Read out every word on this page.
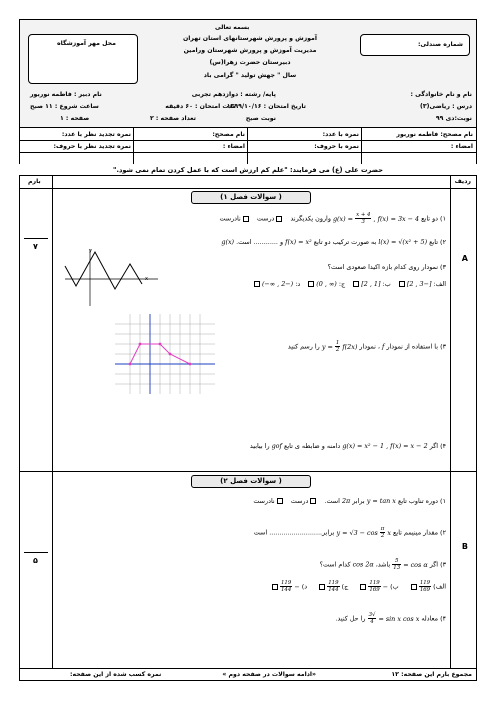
بسمه تعالی
آموزش و پرورش شهرستانهای استان تهران
مدیریت آموزش و پرورش شهرستان ورامین
دبیرستان حضرت زهرا(س)
سال " جهش تولید " گرامی باد
شماره صندلی:
محل مهر آموزشگاه
نام و نام خانوادگی :
پایه/ رشته : دوازدهم تجربی
نام دبیر : فاطمه نوربور
درس : ریاضی(۳)
تاریخ امتحان : ۱۳۹۹/۱۰/۱۶
مدت امتحان : ۶۰ دقیقه
ساعت شروع : ۱۱ صبح
نوبت:دی ۹۹
نوبت صبح
تعداد صفحه : ۲
صفحه : ۱
نام مصحح: فاطمه نوربور
امضاء :
نمره با عدد:
نمره با حروف:
نام مصحح:
امضاء :
نمره تجدید نظر با عدد:
نمره تجدید نظر با حروف:
حضرت علی (ع) می فرمایند: "علم کم ارزش است که با عمل کردن تمام نمی شود."
ردیف
بارم
A
۷
( سوالات فصل ۱)
۱) دو تابع $g(x) = \frac{x + 4}{3}$ , f(x) = 3x − 4 وارون یکدیگرند   درست   نادرست
۲) تابع l(x) = √(x² + 5) به صورت ترکیب دو تابع f(x) = x² و ............ است. g(x)
۳) نمودار روی کدام بازه اکیدا صعودی است؟
الف: [−3 , 2]   ب: [1 , 2]   ج: (∞ , 0)   د: (−2 , ∞−)
y
x
۳) با استفاده از نمودار f ، نمودار $y = \frac{1}{2} f(2x)$ را رسم کنید
۴) اگر g(x) = x² − 1 , f(x) = x − 2 دامنه و ضابطه ی تابع gof را بیابید
B
۵
( سوالات فصل ۲)
۱) دوره تناوب تابع y = tan x برابر 2π است.   درست   نادرست
۲) مقدار مینیمم تابع $y = √3 - \cos \frac{\pi}{2}$ x برابر.......................... است
۳) اگر cos α =
$\frac{5}{13}$
باشد، cos 2α کدام است؟
الف)
$\frac{119}{169}$
ب) −
$\frac{119}{169}$
ج)
$\frac{119}{144}$
د) −
$\frac{119}{144}$
۴) معادله sin x cos x =
$\frac{√3}{4}$
را حل کنید.
مجموع بارم این صفحه: ۱۲
«ادامه سوالات در صفحه دوم »
نمره کسب شده از این صفحه:
